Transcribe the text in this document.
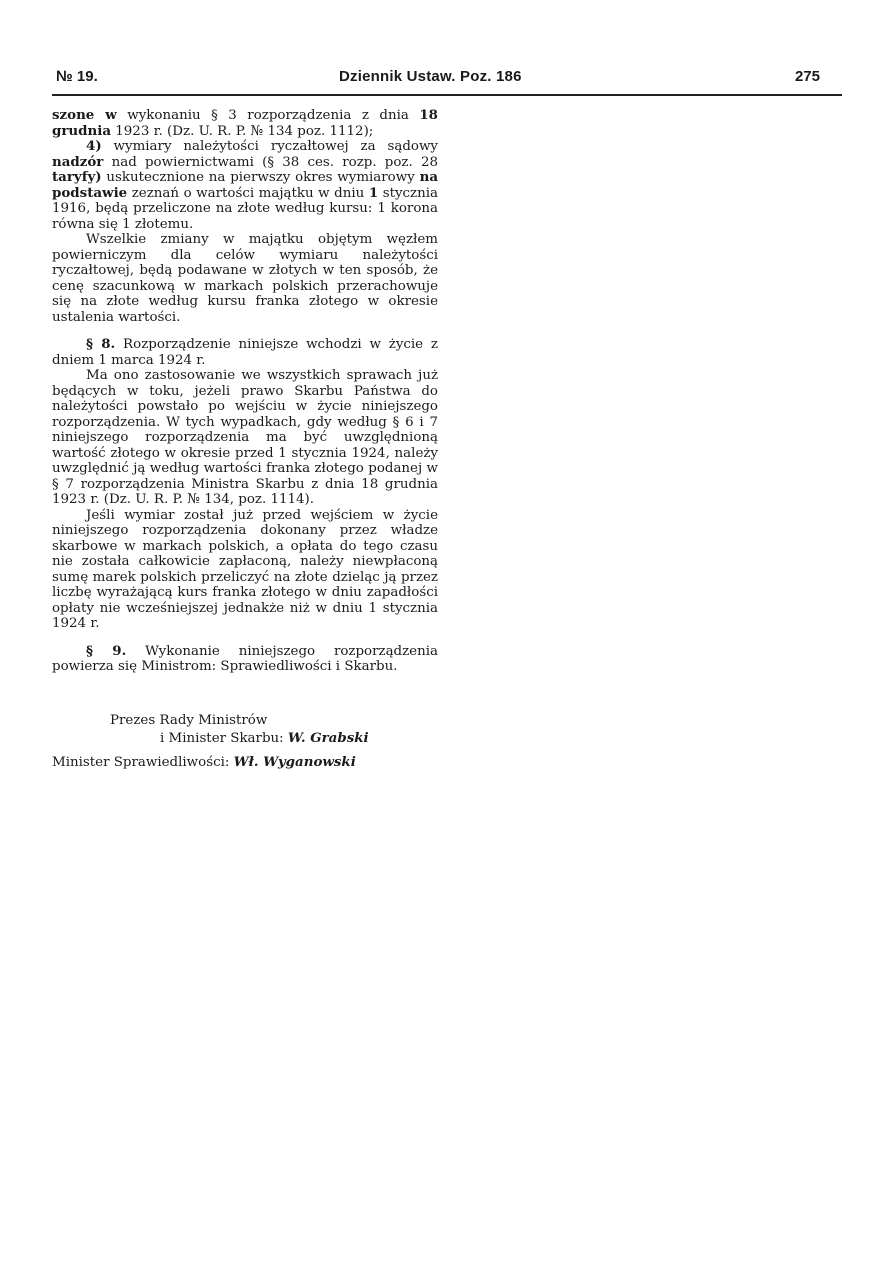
№ 19.	Dziennik Ustaw. Poz. 186	275

szone w wykonaniu § 3 rozporządzenia z dnia 18 grudnia 1923 r. (Dz. U. R. P. № 134 poz. 1112);

4) wymiary należytości ryczałtowej za sądowy nadzór nad powiernictwami (§ 38 ces. rozp. poz. 28 taryfy) uskutecznione na pierwszy okres wymiarowy na podstawie zeznań o wartości majątku w dniu 1 stycznia 1916, będą przeliczone na złote według kursu: 1 korona równa się 1 złotemu.

Wszelkie zmiany w majątku objętym węzłem powierniczym dla celów wymiaru należytości ryczałtowej, będą podawane w złotych w ten sposób, że cenę szacunkową w markach polskich przerachowuje się na złote według kursu franka złotego w okresie ustalenia wartości.

§ 8. Rozporządzenie niniejsze wchodzi w życie z dniem 1 marca 1924 r.

Ma ono zastosowanie we wszystkich sprawach już będących w toku, jeżeli prawo Skarbu Państwa do należytości powstało po wejściu w życie niniejszego rozporządzenia. W tych wypadkach, gdy według § 6 i 7 niniejszego rozporządzenia ma być uwzględnioną wartość złotego w okresie przed 1 stycznia 1924, należy uwzględnić ją według wartości franka złotego podanej w § 7 rozporządzenia Ministra Skarbu z dnia 18 grudnia 1923 r. (Dz. U. R. P. № 134, poz. 1114).

Jeśli wymiar został już przed wejściem w życie niniejszego rozporządzenia dokonany przez władze skarbowe w markach polskich, a opłata do tego czasu nie została całkowicie zapłaconą, należy niewpłaconą sumę marek polskich przeliczyć na złote dzieląc ją przez liczbę wyrażającą kurs franka złotego w dniu zapadłości opłaty nie wcześniejszej jednakże niż w dniu 1 stycznia 1924 r.

§ 9. Wykonanie niniejszego rozporządzenia powierza się Ministrom: Sprawiedliwości i Skarbu.

Prezes Rady Ministrów
i Minister Skarbu: W. Grabski
Minister Sprawiedliwości: Wł. Wyganowski
